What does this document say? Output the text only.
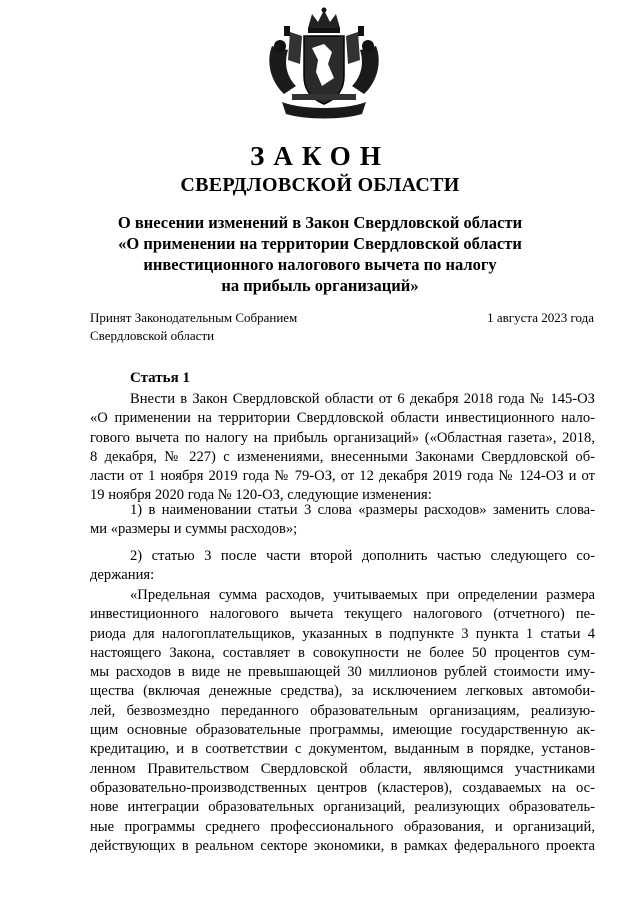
ЗАКОН
СВЕРДЛОВСКОЙ ОБЛАСТИ
О внесении изменений в Закон Свердловской области
«О применении на территории Свердловской области
инвестиционного налогового вычета по налогу
на прибыль организаций»
Принят Законодательным Собранием
Свердловской области
1 августа 2023 года
Статья 1
Внести в Закон Свердловской области от 6 декабря 2018 года № 145-ОЗ
«О применении на территории Свердловской области инвестиционного нало-
гового вычета по налогу на прибыль организаций» («Областная газета», 2018,
8 декабря, № 227) с изменениями, внесенными Законами Свердловской об-
ласти от 1 ноября 2019 года № 79-ОЗ, от 12 декабря 2019 года № 124-ОЗ и от
19 ноября 2020 года № 120-ОЗ, следующие изменения:
1) в наименовании статьи 3 слова «размеры расходов» заменить слова-
ми «размеры и суммы расходов»;
2) статью 3 после части второй дополнить частью следующего со-
держания:
«Предельная сумма расходов, учитываемых при определении размера
инвестиционного налогового вычета текущего налогового (отчетного) пе-
риода для налогоплательщиков, указанных в подпункте 3 пункта 1 статьи 4
настоящего Закона, составляет в совокупности не более 50 процентов сум-
мы расходов в виде не превышающей 30 миллионов рублей стоимости иму-
щества (включая денежные средства), за исключением легковых автомоби-
лей, безвозмездно переданного образовательным организациям, реализую-
щим основные образовательные программы, имеющие государственную ак-
кредитацию, и в соответствии с документом, выданным в порядке, установ-
ленном Правительством Свердловской области, являющимся участниками
образовательно-производственных центров (кластеров), создаваемых на ос-
нове интеграции образовательных организаций, реализующих образователь-
ные программы среднего профессионального образования, и организаций,
действующих в реальном секторе экономики, в рамках федерального проекта
